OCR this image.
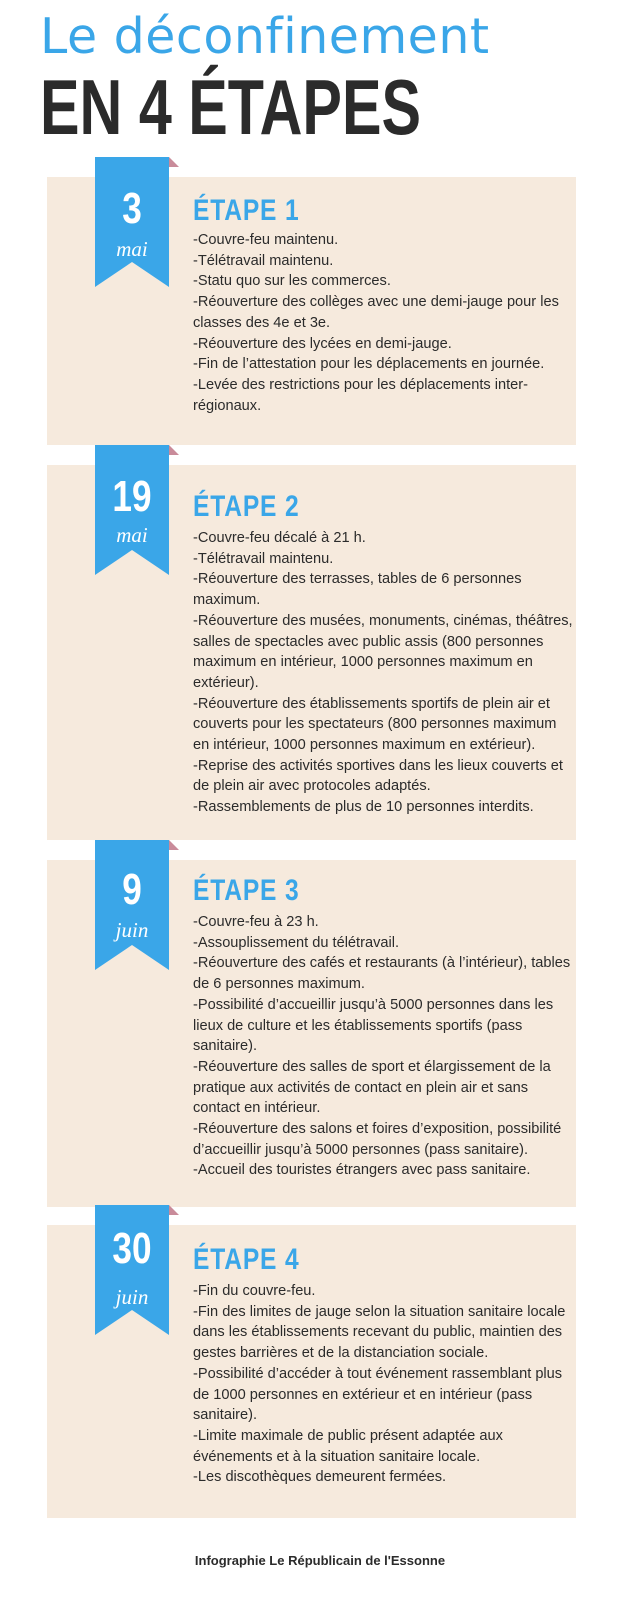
Le déconfinement
EN 4 ÉTAPES
3
mai
ÉTAPE 1
-Couvre-feu maintenu.
-Télétravail maintenu.
-Statu quo sur les commerces.
-Réouverture des collèges avec une demi-jauge pour les classes des 4e et 3e.
-Réouverture des lycées en demi-jauge.
-Fin de l’attestation pour les déplacements en journée.
-Levée des restrictions pour les déplacements inter-régionaux.
19
mai
ÉTAPE 2
-Couvre-feu décalé à 21 h.
-Télétravail maintenu.
-Réouverture des terrasses, tables de 6 personnes maximum.
-Réouverture des musées, monuments, cinémas, théâtres, salles de spectacles avec public assis (800 personnes maximum en intérieur, 1000 personnes maximum en extérieur).
-Réouverture des établissements sportifs de plein air et couverts pour les spectateurs (800 personnes maximum en intérieur, 1000 personnes maximum en extérieur).
-Reprise des activités sportives dans les lieux couverts et de plein air avec protocoles adaptés.
-Rassemblements de plus de 10 personnes interdits.
9
juin
ÉTAPE 3
-Couvre-feu à 23 h.
-Assouplissement du télétravail.
-Réouverture des cafés et restaurants (à l’intérieur), tables de 6 personnes maximum.
-Possibilité d’accueillir jusqu’à 5000 personnes dans les lieux de culture et les établissements sportifs (pass sanitaire).
-Réouverture des salles de sport et élargissement de la pratique aux activités de contact en plein air et sans contact en intérieur.
-Réouverture des salons et foires d’exposition, possibilité d’accueillir jusqu’à 5000 personnes (pass sanitaire).
-Accueil des touristes étrangers avec pass sanitaire.
30
juin
ÉTAPE 4
-Fin du couvre-feu.
-Fin des limites de jauge selon la situation sanitaire locale dans les établissements recevant du public, maintien des gestes barrières et de la distanciation sociale.
-Possibilité d’accéder à tout événement rassemblant plus de 1000 personnes en extérieur et en intérieur (pass sanitaire).
-Limite maximale de public présent adaptée aux événements et à la situation sanitaire locale.
-Les discothèques demeurent fermées.
Infographie Le Républicain de l'Essonne
